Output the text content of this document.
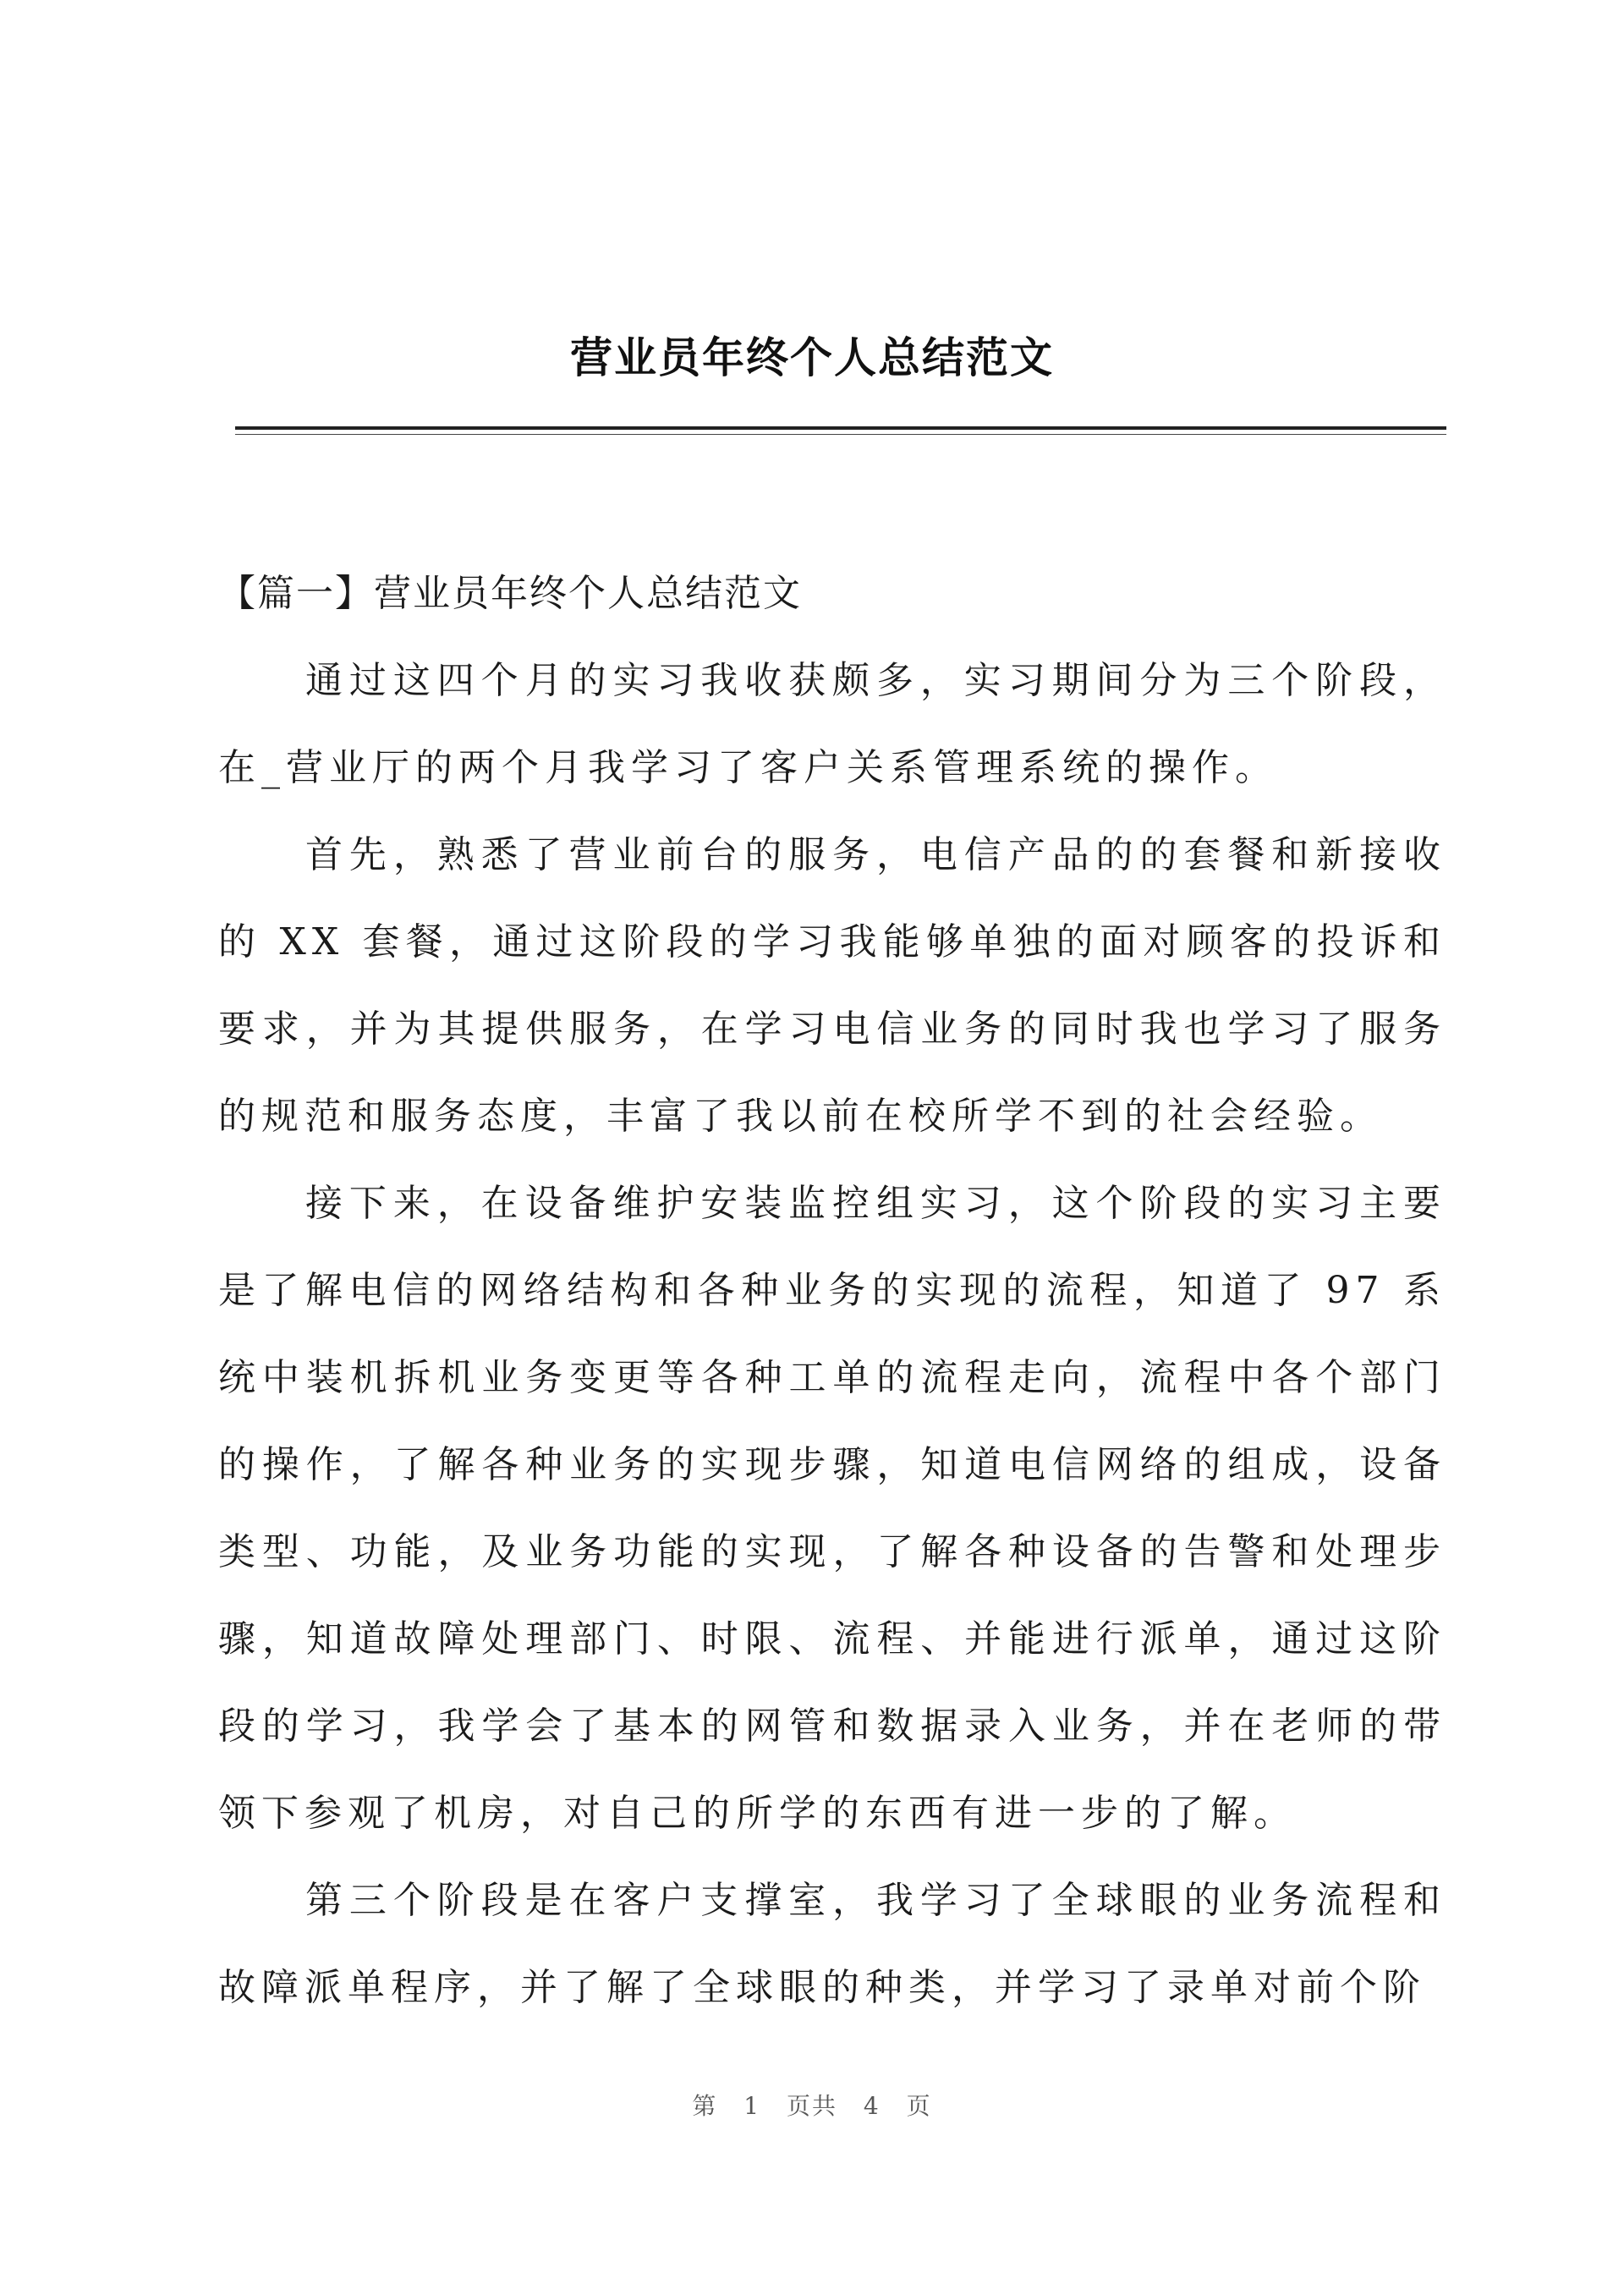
营业员年终个人总结范文

【篇一】营业员年终个人总结范文

通过这四个月的实习我收获颇多，实习期间分为三个阶段，在_营业厅的两个月我学习了客户关系管理系统的操作。

首先，熟悉了营业前台的服务，电信产品的的套餐和新接收的 XX 套餐，通过这阶段的学习我能够单独的面对顾客的投诉和要求，并为其提供服务，在学习电信业务的同时我也学习了服务的规范和服务态度，丰富了我以前在校所学不到的社会经验。

接下来，在设备维护安装监控组实习，这个阶段的实习主要是了解电信的网络结构和各种业务的实现的流程，知道了 97 系统中装机拆机业务变更等各种工单的流程走向，流程中各个部门的操作，了解各种业务的实现步骤，知道电信网络的组成，设备类型、功能，及业务功能的实现，了解各种设备的告警和处理步骤，知道故障处理部门、时限、流程、并能进行派单，通过这阶段的学习，我学会了基本的网管和数据录入业务，并在老师的带领下参观了机房，对自己的所学的东西有进一步的了解。

第三个阶段是在客户支撑室，我学习了全球眼的业务流程和故障派单程序，并了解了全球眼的种类，并学习了录单对前个阶

第 1 页共 4 页
